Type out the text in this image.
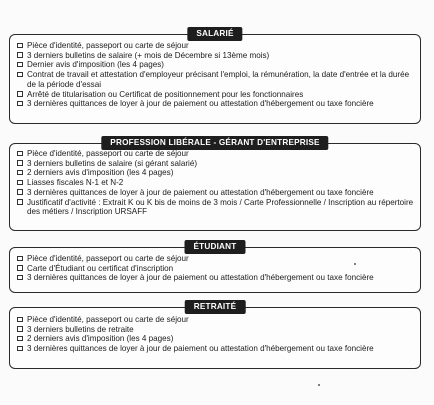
SALARIÉ
Pièce d'identité, passeport ou carte de séjour
3 derniers bulletins de salaire (+ mois de Décembre si 13ème mois)
Dernier avis d'imposition (les 4 pages)
Contrat de travail et attestation d'employeur précisant l'emploi, la rémunération, la date d'entrée et la durée de la période d'essai
Arrêté de titularisation ou Certificat de positionnement pour les fonctionnaires
3 dernières quittances de loyer à jour de paiement ou attestation d'hébergement ou taxe foncière
PROFESSION LIBÉRALE - GÉRANT D'ENTREPRISE
Pièce d'identité, passeport ou carte de séjour
3 derniers bulletins de salaire (si gérant salarié)
2 derniers avis d'imposition (les 4 pages)
Liasses fiscales N-1 et N-2
3 dernières quittances de loyer à jour de paiement ou attestation d'hébergement ou taxe foncière
Justificatif d'activité : Extrait K ou K bis de moins de 3 mois / Carte Professionnelle / Inscription au répertoire des métiers / Inscription URSAFF
ÉTUDIANT
Pièce d'identité, passeport ou carte de séjour
Carte d'Étudiant ou certificat d'inscription
3 dernières quittances de loyer à jour de paiement ou attestation d'hébergement ou taxe foncière
RETRAITÉ
Pièce d'identité, passeport ou carte de séjour
3 derniers bulletins de retraite
2 derniers avis d'imposition (les 4 pages)
3 dernières quittances de loyer à jour de paiement ou attestation d'hébergement ou taxe foncière
